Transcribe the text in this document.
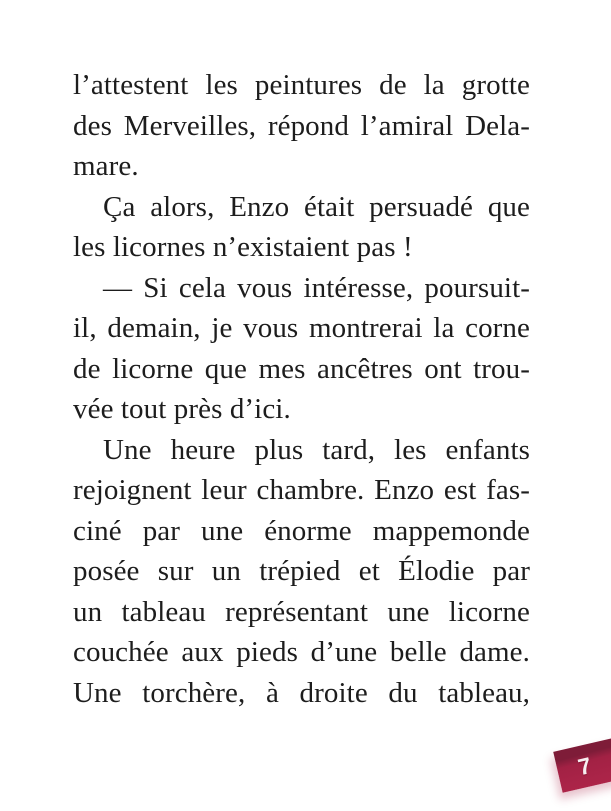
l’attestent les peintures de la grotte
des Merveilles, répond l’amiral Dela-
mare.
Ça alors, Enzo était persuadé que
les licornes n’existaient pas !
— Si cela vous intéresse, poursuit-
il, demain, je vous montrerai la corne
de licorne que mes ancêtres ont trou-
vée tout près d’ici.
Une heure plus tard, les enfants
rejoignent leur chambre. Enzo est fas-
ciné par une énorme mappemonde
posée sur un trépied et Élodie par
un tableau représentant une licorne
couchée aux pieds d’une belle dame.
Une torchère, à droite du tableau,
7
